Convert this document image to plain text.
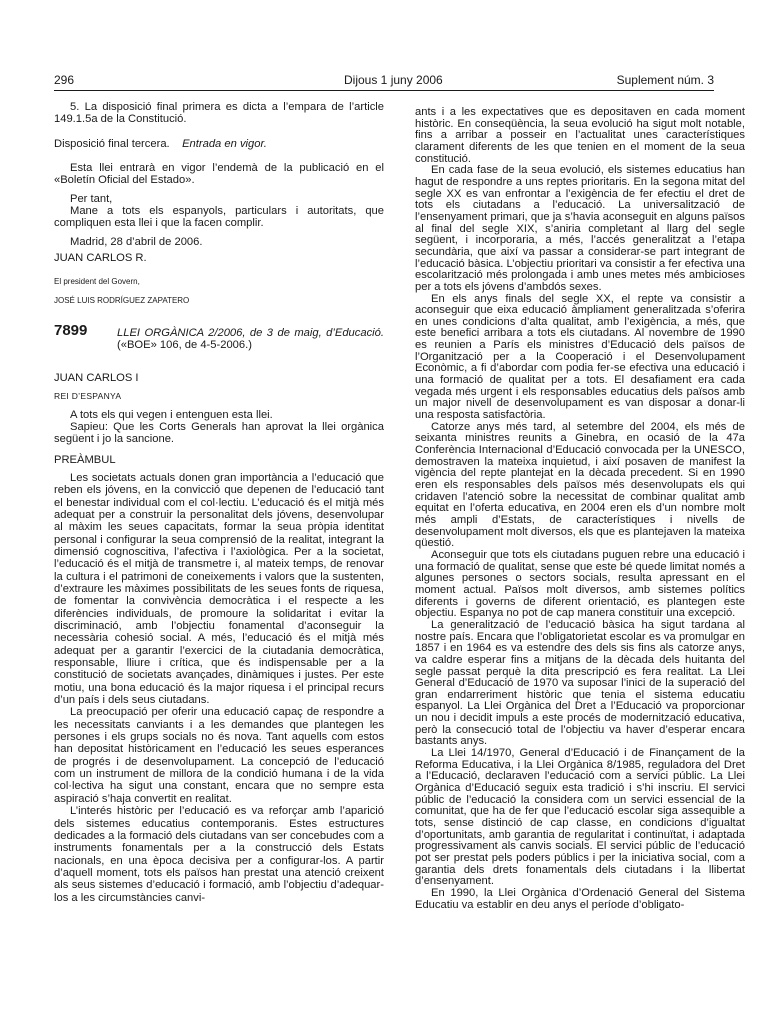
296	Dijous 1 juny 2006	Suplement núm. 3

5. La disposició final primera es dicta a l’empara de l’article 149.1.5a de la Constitució.

Disposició final tercera. Entrada en vigor.

Esta llei entrarà en vigor l’endemà de la publicació en el «Boletín Oficial del Estado».

Per tant,

Mane a tots els espanyols, particulars i autoritats, que compliquen esta llei i que la facen complir.

Madrid, 28 d’abril de 2006.

JUAN CARLOS R.

El president del Govern,

JOSÉ LUIS RODRÍGUEZ ZAPATERO

7899	LLEI ORGÀNICA 2/2006, de 3 de maig, d’Educació. («BOE» 106, de 4-5-2006.)

JUAN CARLOS I

REI D’ESPANYA

A tots els qui vegen i entenguen esta llei.

Sapieu: Que les Corts Generals han aprovat la llei orgànica següent i jo la sancione.

PREÀMBUL

Les societats actuals donen gran importància a l’educació que reben els jóvens, en la convicció que depenen de l’educació tant el benestar individual com el col·lectiu. L’educació és el mitjà més adequat per a construir la personalitat dels jóvens, desenvolupar al màxim les seues capacitats, formar la seua pròpia identitat personal i configurar la seua comprensió de la realitat, integrant la dimensió cognoscitiva, l’afectiva i l’axiològica. Per a la societat, l’educació és el mitjà de transmetre i, al mateix temps, de renovar la cultura i el patrimoni de coneixements i valors que la sustenten, d’extraure les màximes possibilitats de les seues fonts de riquesa, de fomentar la convivència democràtica i el respecte a les diferències individuals, de promoure la solidaritat i evitar la discriminació, amb l’objectiu fonamental d’aconseguir la necessària cohesió social. A més, l’educació és el mitjà més adequat per a garantir l’exercici de la ciutadania democràtica, responsable, lliure i crítica, que és indispensable per a la constitució de societats avançades, dinàmiques i justes. Per este motiu, una bona educació és la major riquesa i el principal recurs d’un país i dels seus ciutadans.

La preocupació per oferir una educació capaç de respondre a les necessitats canviants i a les demandes que plantegen les persones i els grups socials no és nova. Tant aquells com estos han depositat històricament en l’educació les seues esperances de progrés i de desenvolupament. La concepció de l’educació com un instrument de millora de la condició humana i de la vida col·lectiva ha sigut una constant, encara que no sempre esta aspiració s’haja convertit en realitat.

L’interés històric per l’educació es va reforçar amb l’aparició dels sistemes educatius contemporanis. Estes estructures dedicades a la formació dels ciutadans van ser concebudes com a instruments fonamentals per a la construcció dels Estats nacionals, en una època decisiva per a configurar-los. A partir d’aquell moment, tots els països han prestat una atenció creixent als seus sistemes d’educació i formació, amb l’objectiu d’adequar-los a les circumstàncies canvi-

ants i a les expectatives que es depositaven en cada moment històric. En conseqüència, la seua evolució ha sigut molt notable, fins a arribar a posseir en l’actualitat unes característiques clarament diferents de les que tenien en el moment de la seua constitució.

En cada fase de la seua evolució, els sistemes educatius han hagut de respondre a uns reptes prioritaris. En la segona mitat del segle XX es van enfrontar a l’exigència de fer efectiu el dret de tots els ciutadans a l’educació. La universalització de l’ensenyament primari, que ja s’havia aconseguit en alguns països al final del segle XIX, s’aniria completant al llarg del segle següent, i incorporaria, a més, l’accés generalitzat a l’etapa secundària, que així va passar a considerar-se part integrant de l’educació bàsica. L’objectiu prioritari va consistir a fer efectiva una escolarització més prolongada i amb unes metes més ambicioses per a tots els jóvens d’ambdós sexes.

En els anys finals del segle XX, el repte va consistir a aconseguir que eixa educació àmpliament generalitzada s’oferira en unes condicions d’alta qualitat, amb l’exigència, a més, que este benefici arribara a tots els ciutadans. Al novembre de 1990 es reunien a París els ministres d’Educació dels països de l’Organització per a la Cooperació i el Desenvolupament Econòmic, a fi d’abordar com podia fer-se efectiva una educació i una formació de qualitat per a tots. El desafiament era cada vegada més urgent i els responsables educatius dels països amb un major nivell de desenvolupament es van disposar a donar-li una resposta satisfactòria.

Catorze anys més tard, al setembre del 2004, els més de seixanta ministres reunits a Ginebra, en ocasió de la 47a Conferència Internacional d’Educació convocada per la UNESCO, demostraven la mateixa inquietud, i així posaven de manifest la vigència del repte plantejat en la dècada precedent. Si en 1990 eren els responsables dels països més desenvolupats els qui cridaven l’atenció sobre la necessitat de combinar qualitat amb equitat en l’oferta educativa, en 2004 eren els d’un nombre molt més ampli d’Estats, de característiques i nivells de desenvolupament molt diversos, els que es plantejaven la mateixa qüestió.

Aconseguir que tots els ciutadans puguen rebre una educació i una formació de qualitat, sense que este bé quede limitat només a algunes persones o sectors socials, resulta apressant en el moment actual. Països molt diversos, amb sistemes polítics diferents i governs de diferent orientació, es plantegen este objectiu. Espanya no pot de cap manera constituir una excepció.

La generalització de l’educació bàsica ha sigut tardana al nostre país. Encara que l’obligatorietat escolar es va promulgar en 1857 i en 1964 es va estendre des dels sis fins als catorze anys, va caldre esperar fins a mitjans de la dècada dels huitanta del segle passat perquè la dita prescripció es fera realitat. La Llei General d’Educació de 1970 va suposar l’inici de la superació del gran endarreriment històric que tenia el sistema educatiu espanyol. La Llei Orgànica del Dret a l’Educació va proporcionar un nou i decidit impuls a este procés de modernització educativa, però la consecució total de l’objectiu va haver d’esperar encara bastants anys.

La Llei 14/1970, General d’Educació i de Finançament de la Reforma Educativa, i la Llei Orgànica 8/1985, reguladora del Dret a l’Educació, declaraven l’educació com a servici públic. La Llei Orgànica d’Educació seguix esta tradició i s’hi inscriu. El servici públic de l’educació la considera com un servici essencial de la comunitat, que ha de fer que l’educació escolar siga assequible a tots, sense distinció de cap classe, en condicions d’igualtat d’oportunitats, amb garantia de regularitat i continuïtat, i adaptada progressivament als canvis socials. El servici públic de l’educació pot ser prestat pels poders públics i per la iniciativa social, com a garantia dels drets fonamentals dels ciutadans i la llibertat d’ensenyament.

En 1990, la Llei Orgànica d’Ordenació General del Sistema Educatiu va establir en deu anys el període d’obligato-
